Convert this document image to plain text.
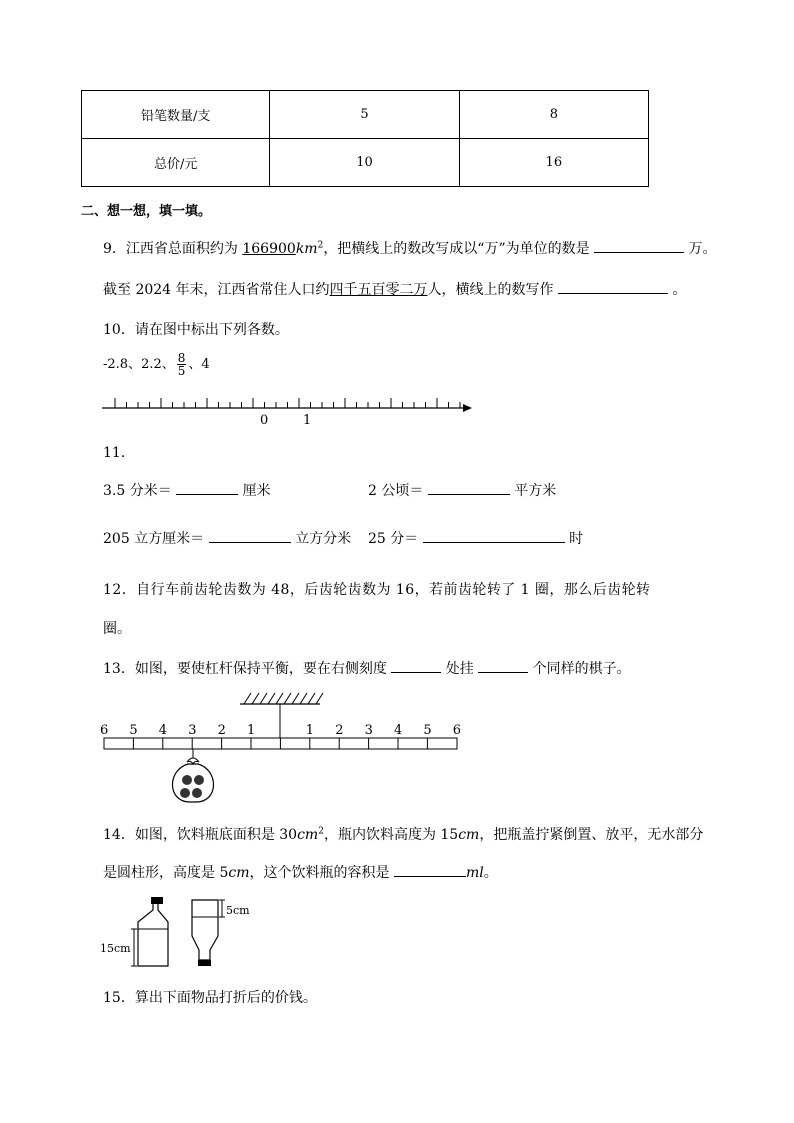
铅笔数量/支	5	8
总价/元	10	16
二、想一想，填一填。
9．江西省总面积约为 $166900km^2$，把横线上的数改写成以“万”为单位的数是	万。
截至 2024 年末，江西省常住人口约四千五百零二万人，横线上的数写作	。
10．请在图中标出下列各数。
-2.8、2.2、 $\frac{8}{5}$ 、4
0	1
11．
3.5 分米＝	厘米	2 公顷＝	平方米
205 立方厘米＝	立方分米 25 分＝	时
12．自行车前齿轮齿数为 48，后齿轮齿数为 16，若前齿轮转了 1 圈，那么后齿轮转
圈。
13．如图，要使杠杆保持平衡，要在右侧刻度	处挂	个同样的棋子。
6 5 4 3 2 1	1 2 3 4 5 6
14．如图，饮料瓶底面积是 $30cm^2$，瓶内饮料高度为 15cm，把瓶盖拧紧倒置、放平，无水部分
是圆柱形，高度是 5cm，这个饮料瓶的容积是	ml。
15cm
5cm
15．算出下面物品打折后的价钱。
